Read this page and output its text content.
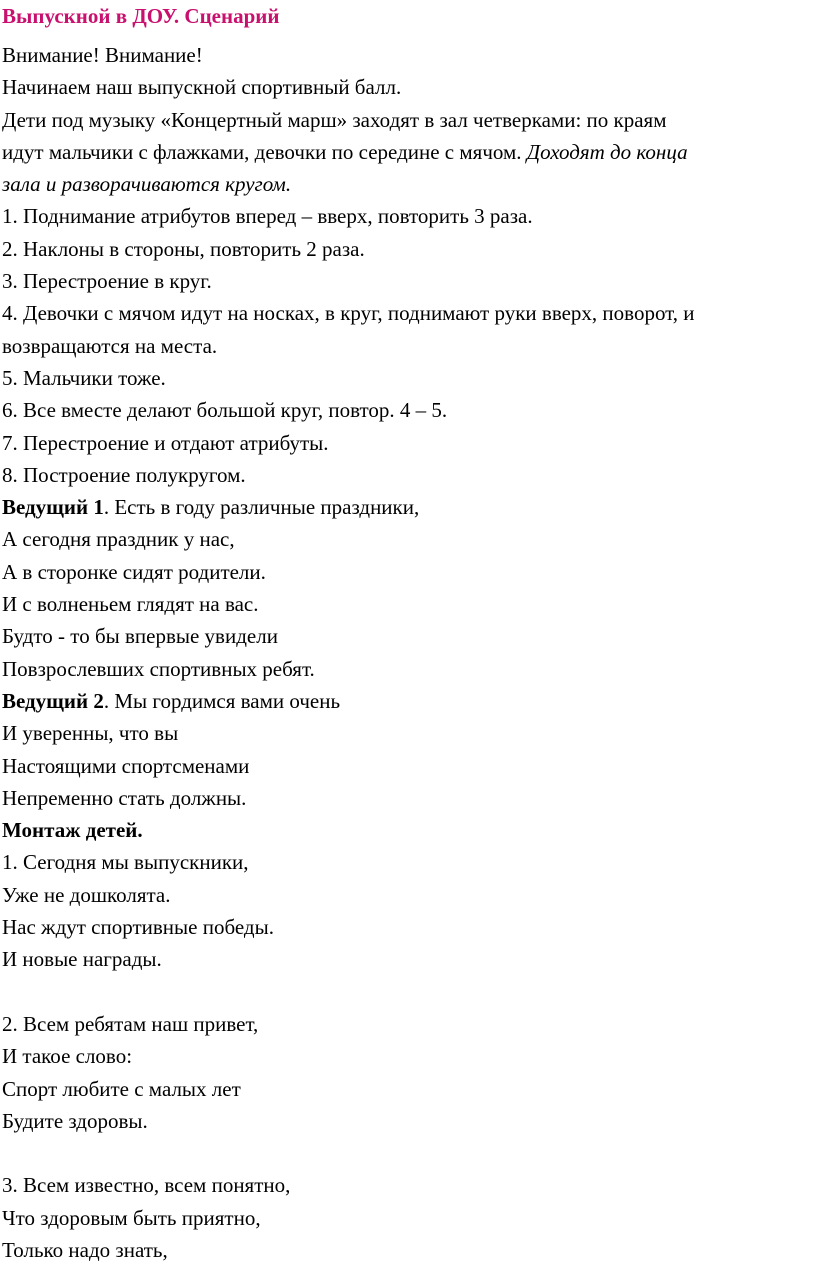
Выпускной в ДОУ. Сценарий
Внимание! Внимание!
Начинаем наш выпускной спортивный балл.
Дети под музыку «Концертный марш» заходят в зал четверками: по краям
идут мальчики с флажками, девочки по середине с мячом. Доходят до конца
зала и разворачиваются кругом.
1. Поднимание атрибутов вперед – вверх, повторить 3 раза.
2. Наклоны в стороны, повторить 2 раза.
3. Перестроение в круг.
4. Девочки с мячом идут на носках, в круг, поднимают руки вверх, поворот, и
возвращаются на места.
5. Мальчики тоже.
6. Все вместе делают большой круг, повтор. 4 – 5.
7. Перестроение и отдают атрибуты.
8. Построение полукругом.
Ведущий 1. Есть в году различные праздники,
А сегодня праздник у нас,
А в сторонке сидят родители.
И с волненьем глядят на вас.
Будто - то бы впервые увидели
Повзрослевших спортивных ребят.
Ведущий 2. Мы гордимся вами очень
И уверенны, что вы
Настоящими спортсменами
Непременно стать должны.
Монтаж детей.
1. Сегодня мы выпускники,
Уже не дошколята.
Нас ждут спортивные победы.
И новые награды.
2. Всем ребятам наш привет,
И такое слово:
Спорт любите с малых лет
Будите здоровы.
3. Всем известно, всем понятно,
Что здоровым быть приятно,
Только надо знать,
